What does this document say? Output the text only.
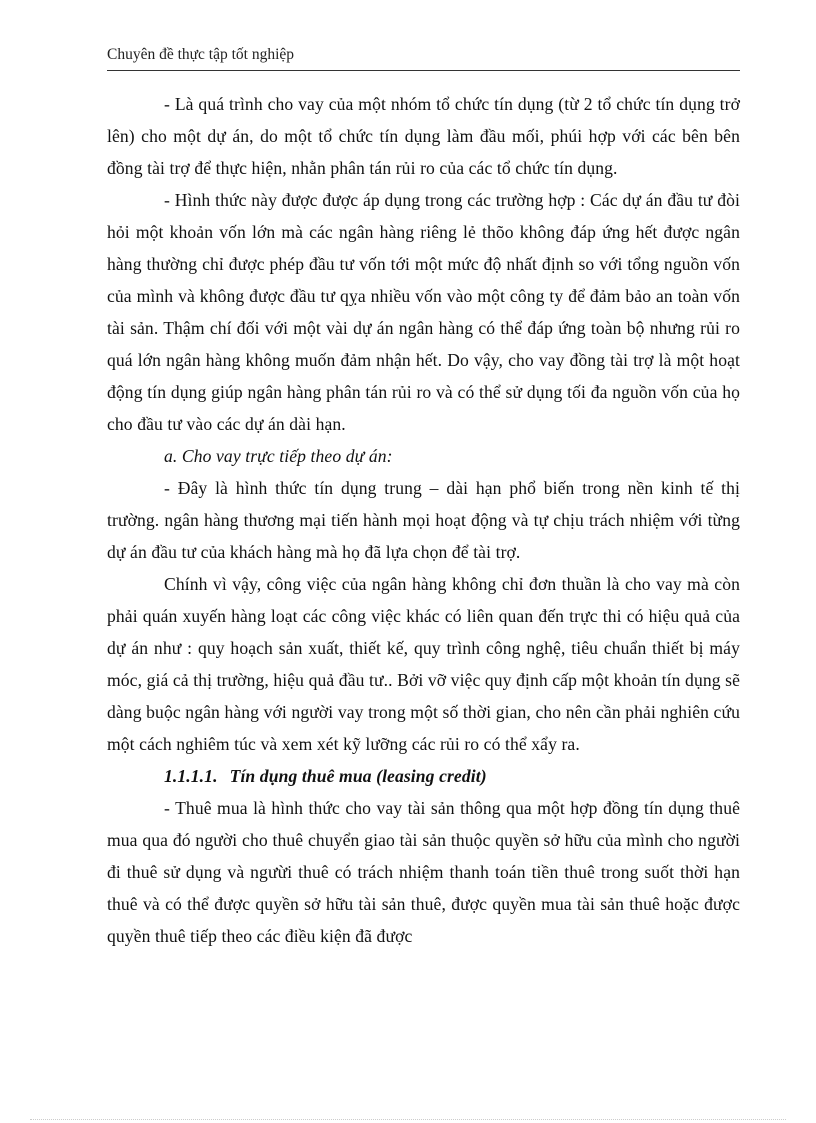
Chuyên đề thực tập tốt nghiệp

- Là quá trình cho vay của một nhóm tổ chức tín dụng (từ 2 tổ chức tín dụng trở lên) cho một dự án, do một tổ chức tín dụng làm đầu mối, phúi hợp với các bên bên đồng tài trợ để thực hiện, nhằn phân tán rủi ro của các tổ chức tín dụng.

- Hình thức này được được áp dụng trong các trường hợp : Các dự án đầu tư đòi hỏi một khoản vốn lớn mà các ngân hàng riêng lẻ thõo không đáp ứng hết được ngân hàng thường chỉ được phép đầu tư vốn tới một mức độ nhất định so với tổng nguồn vốn của mình và không được đầu tư qỵa nhiều vốn vào một công ty để đảm bảo an toàn vốn tài sản. Thậm chí đối với một vài dự án ngân hàng có thể đáp ứng toàn bộ nhưng rủi ro quá lớn ngân hàng không muốn đảm nhận hết. Do vậy, cho vay đồng tài trợ là một hoạt động tín dụng giúp ngân hàng phân tán rủi ro và có thể sử dụng tối đa nguồn vốn của họ cho đầu tư vào các dự án dài hạn.

a. Cho vay trực tiếp theo dự án:

- Đây là hình thức tín dụng trung – dài hạn phổ biến trong nền kinh tế thị trường. ngân hàng thương mại tiến hành mọi hoạt động và tự chịu trách nhiệm với từng dự án đầu tư của khách hàng mà họ đã lựa chọn để tài trợ.

Chính vì vậy, công việc của ngân hàng không chỉ đơn thuần là cho vay mà còn phải quán xuyến hàng loạt các công việc khác có liên quan đến trực thi có hiệu quả của dự án như : quy hoạch sản xuất, thiết kế, quy trình công nghệ, tiêu chuẩn thiết bị máy móc, giá cả thị trường, hiệu quả đầu tư.. Bởi vỡ việc quy định cấp một khoản tín dụng sẽ dàng buộc ngân hàng với người vay trong một số thời gian, cho nên cần phải nghiên cứu một cách nghiêm túc và xem xét kỹ lưỡng các rủi ro có thể xẩy ra.

1.1.1.1. Tín dụng thuê mua (leasing credit)

- Thuê mua là hình thức cho vay tài sản thông qua một hợp đồng tín dụng thuê mua qua đó người cho thuê chuyển giao tài sản thuộc quyền sở hữu của mình cho người đi thuê sử dụng và ngưừi thuê có trách nhiệm thanh toán tiền thuê trong suốt thời hạn thuê và có thể được quyền sở hữu tài sản thuê, được quyền mua tài sản thuê hoặc được quyền thuê tiếp theo các điều kiện đã được
